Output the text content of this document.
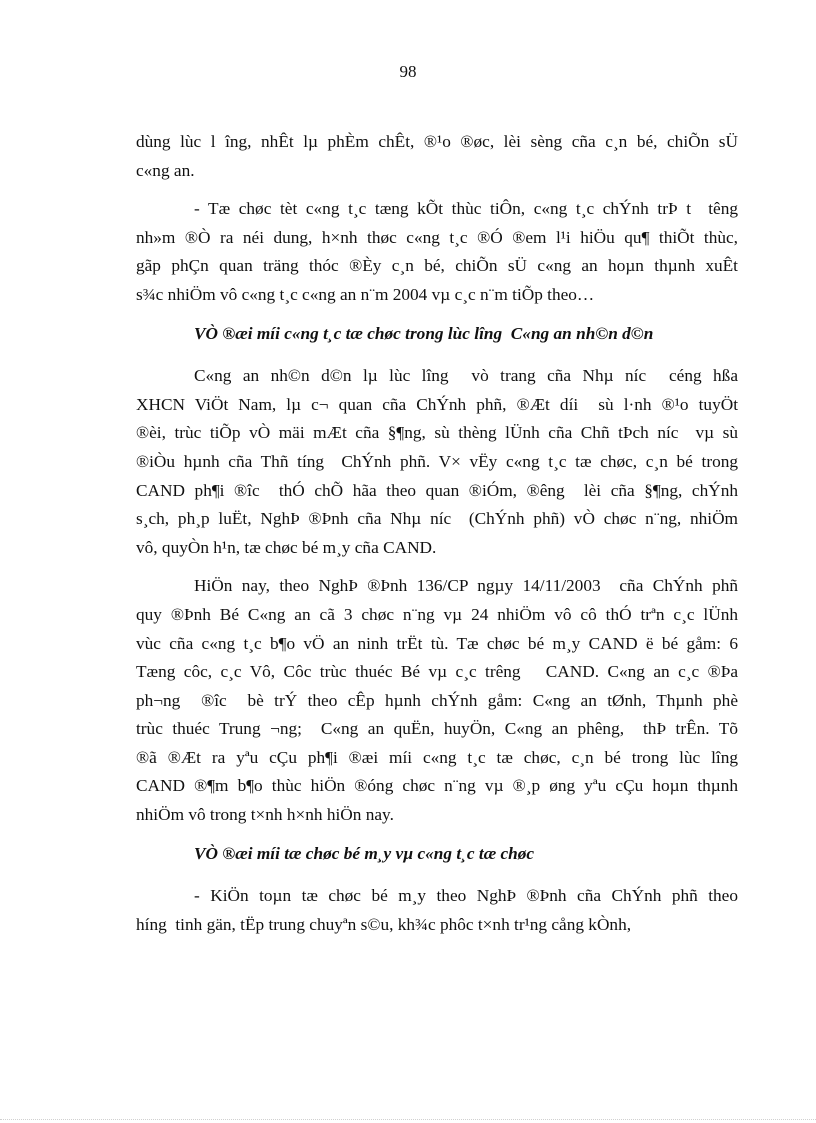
98
dùng lùc l îng, nhÊt lµ phÈm chÊt, ®¹o ®øc, lèi sèng cña c¸n bé, chiÕn sÜ
c«ng an.
- Tæ chøc tèt c«ng t¸c tæng kÕt thùc tiÔn, c«ng t¸c chÝnh trÞ t  têng
nh»m ®Ò ra néi dung, h×nh thøc c«ng t¸c ®Ó ®em l¹i hiÖu qu¶ thiÕt thùc,
gãp phÇn quan träng thóc ®Èy c¸n bé, chiÕn sÜ c«ng an hoµn thµnh xuÊt
s¾c nhiÖm vô c«ng t¸c c«ng an n¨m 2004 vµ c¸c n¨m tiÕp theo…
VÒ ®æi míi c«ng t¸c tæ chøc trong lùc lîng  C«ng an nh©n d©n
C«ng an nh©n d©n lµ lùc lîng  vò trang cña Nhµ níc  céng hßa
XHCN ViÖt Nam, lµ c¬ quan cña ChÝnh phñ, ®Æt díi  sù l·nh ®¹o tuyÖt
®èi, trùc tiÕp vÒ mäi mÆt cña §¶ng, sù thèng lÜnh cña Chñ tÞch níc  vµ sù
®iÒu hµnh cña Thñ tíng  ChÝnh phñ. V× vËy c«ng t¸c tæ chøc, c¸n bé trong
CAND ph¶i ®îc  thÓ chÕ hãa theo quan ®iÓm, ®êng  lèi cña §¶ng, chÝnh
s¸ch, ph¸p luËt, NghÞ ®Þnh cña Nhµ níc  (ChÝnh phñ) vÒ chøc n¨ng, nhiÖm
vô, quyÒn h¹n, tæ chøc bé m¸y cña CAND.
HiÖn nay, theo NghÞ ®Þnh 136/CP ngµy 14/11/2003  cña ChÝnh phñ
quy ®Þnh Bé C«ng an cã 3 chøc n¨ng vµ 24 nhiÖm vô cô thÓ trªn c¸c lÜnh
vùc cña c«ng t¸c b¶o vÖ an ninh trËt tù. Tæ chøc bé m¸y CAND ë bé gåm: 6
Tæng côc, c¸c Vô, Côc trùc thuéc Bé vµ c¸c trêng   CAND. C«ng an c¸c ®Þa
ph¬ng  ®îc  bè trÝ theo cÊp hµnh chÝnh gåm: C«ng an tØnh, Thµnh phè
trùc thuéc Trung ¬ng;  C«ng an quËn, huyÖn, C«ng an phêng,  thÞ trÊn. Tõ
®ã ®Æt ra yªu cÇu ph¶i ®æi míi c«ng t¸c tæ chøc, c¸n bé trong lùc lîng
CAND ®¶m b¶o thùc hiÖn ®óng chøc n¨ng vµ ®¸p øng yªu cÇu hoµn thµnh
nhiÖm vô trong t×nh h×nh hiÖn nay.
VÒ ®æi míi tæ chøc bé m¸y vµ c«ng t¸c tæ chøc
- KiÖn toµn tæ chøc bé m¸y theo NghÞ ®Þnh cña ChÝnh phñ theo
híng  tinh gän, tËp trung chuyªn s©u, kh¾c phôc t×nh tr¹ng cång kÒnh,
